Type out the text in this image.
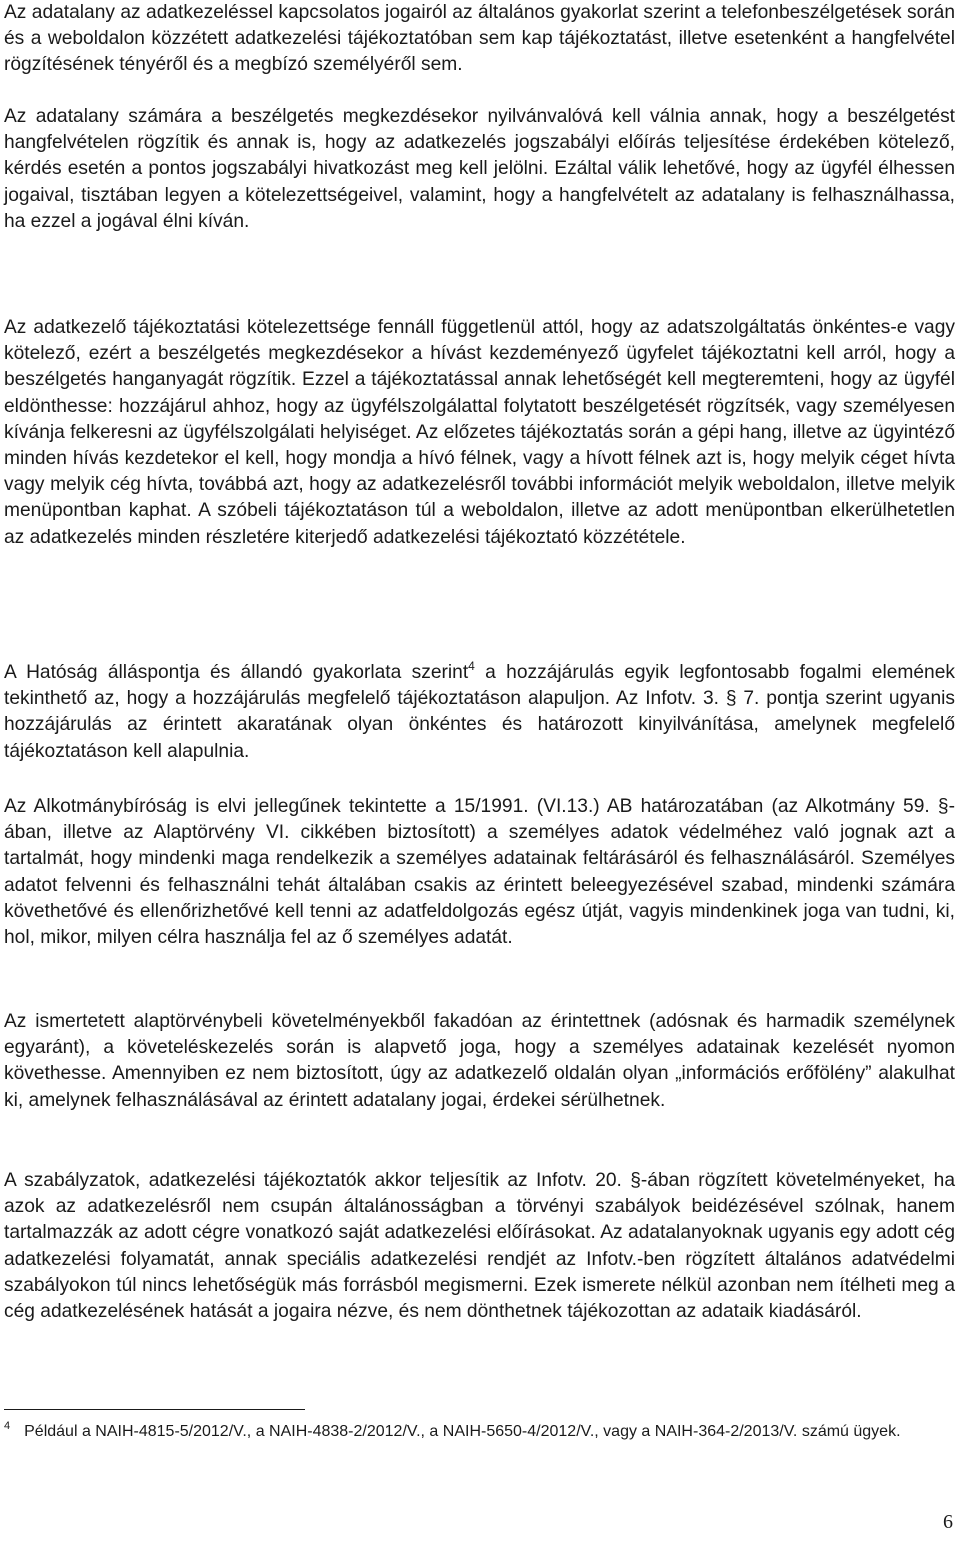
Az adatalany az adatkezeléssel kapcsolatos jogairól az általános gyakorlat szerint a telefonbeszélgetések során és a weboldalon közzétett adatkezelési tájékoztatóban sem kap tájékoztatást, illetve esetenként a hangfelvétel rögzítésének tényéről és a megbízó személyéről sem.

Az adatalany számára a beszélgetés megkezdésekor nyilvánvalóvá kell válnia annak, hogy a beszélgetést hangfelvételen rögzítik és annak is, hogy az adatkezelés jogszabályi előírás teljesítése érdekében kötelező, kérdés esetén a pontos jogszabályi hivatkozást meg kell jelölni. Ezáltal válik lehetővé, hogy az ügyfél élhessen jogaival, tisztában legyen a kötelezettségeivel, valamint, hogy a hangfelvételt az adatalany is felhasználhassa, ha ezzel a jogával élni kíván.

Az adatkezelő tájékoztatási kötelezettsége fennáll függetlenül attól, hogy az adatszolgáltatás önkéntes-e vagy kötelező, ezért a beszélgetés megkezdésekor a hívást kezdeményező ügyfelet tájékoztatni kell arról, hogy a beszélgetés hanganyagát rögzítik. Ezzel a tájékoztatással annak lehetőségét kell megteremteni, hogy az ügyfél eldönthesse: hozzájárul ahhoz, hogy az ügyfélszolgálattal folytatott beszélgetését rögzítsék, vagy személyesen kívánja felkeresni az ügyfélszolgálati helyiséget. Az előzetes tájékoztatás során a gépi hang, illetve az ügyintéző minden hívás kezdetekor el kell, hogy mondja a hívó félnek, vagy a hívott félnek azt is, hogy melyik céget hívta vagy melyik cég hívta, továbbá azt, hogy az adatkezelésről további információt melyik weboldalon, illetve melyik menüpontban kaphat. A szóbeli tájékoztatáson túl a weboldalon, illetve az adott menüpontban elkerülhetetlen az adatkezelés minden részletére kiterjedő adatkezelési tájékoztató közzététele.

A Hatóság álláspontja és állandó gyakorlata szerint$^4$ a hozzájárulás egyik legfontosabb fogalmi elemének tekinthető az, hogy a hozzájárulás megfelelő tájékoztatáson alapuljon. Az Infotv. 3. § 7. pontja szerint ugyanis hozzájárulás az érintett akaratának olyan önkéntes és határozott kinyilvánítása, amelynek megfelelő tájékoztatáson kell alapulnia.

Az Alkotmánybíróság is elvi jellegűnek tekintette a 15/1991. (VI.13.) AB határozatában (az Alkotmány 59. §-ában, illetve az Alaptörvény VI. cikkében biztosított) a személyes adatok védelméhez való jognak azt a tartalmát, hogy mindenki maga rendelkezik a személyes adatainak feltárásáról és felhasználásáról. Személyes adatot felvenni és felhasználni tehát általában csakis az érintett beleegyezésével szabad, mindenki számára követhetővé és ellenőrizhetővé kell tenni az adatfeldolgozás egész útját, vagyis mindenkinek joga van tudni, ki, hol, mikor, milyen célra használja fel az ő személyes adatát.

Az ismertetett alaptörvénybeli követelményekből fakadóan az érintettnek (adósnak és harmadik személynek egyaránt), a követeléskezelés során is alapvető joga, hogy a személyes adatainak kezelését nyomon követhesse. Amennyiben ez nem biztosított, úgy az adatkezelő oldalán olyan „információs erőfölény” alakulhat ki, amelynek felhasználásával az érintett adatalany jogai, érdekei sérülhetnek.

A szabályzatok, adatkezelési tájékoztatók akkor teljesítik az Infotv. 20. §-ában rögzített követelményeket, ha azok az adatkezelésről nem csupán általánosságban a törvényi szabályok beidézésével szólnak, hanem tartalmazzák az adott cégre vonatkozó saját adatkezelési előírásokat. Az adatalanyoknak ugyanis egy adott cég adatkezelési folyamatát, annak speciális adatkezelési rendjét az Infotv.-ben rögzített általános adatvédelmi szabályokon túl nincs lehetőségük más forrásból megismerni. Ezek ismerete nélkül azonban nem ítélheti meg a cég adatkezelésének hatását a jogaira nézve, és nem dönthetnek tájékozottan az adataik kiadásáról.

$^4$ Például a NAIH-4815-5/2012/V., a NAIH-4838-2/2012/V., a NAIH-5650-4/2012/V., vagy a NAIH-364-2/2013/V. számú ügyek.

6
